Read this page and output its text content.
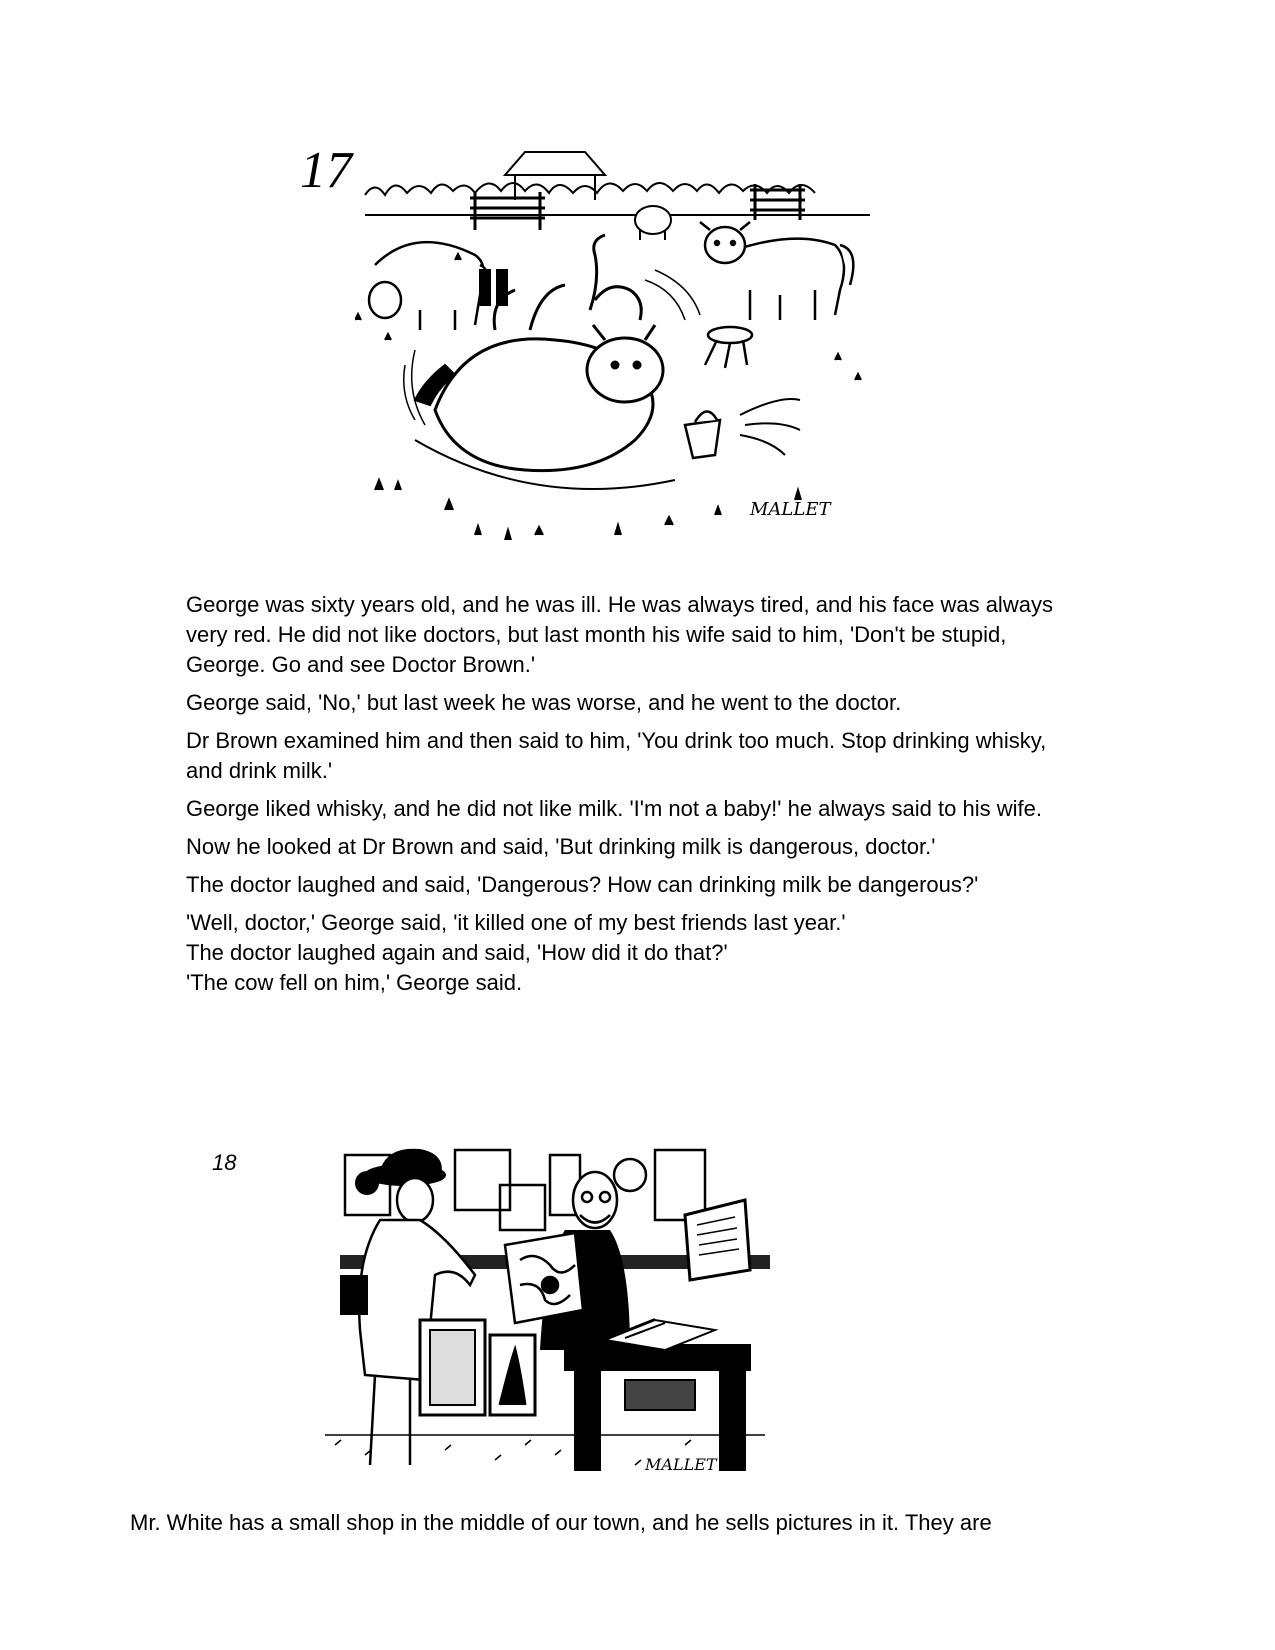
17
MALLET

George was sixty years old, and he was ill. He was always tired, and his face was always very red. He did not like doctors, but last month his wife said to him, 'Don't be stupid, George. Go and see Doctor Brown.'

George said, 'No,' but last week he was worse, and he went to the doctor.

Dr Brown examined him and then said to him, 'You drink too much. Stop drinking whisky, and drink milk.'

George liked whisky, and he did not like milk. 'I'm not a baby!' he always said to his wife.

Now he looked at Dr Brown and said, 'But drinking milk is dangerous, doctor.'

The doctor laughed and said, 'Dangerous? How can drinking milk be dangerous?'

'Well, doctor,' George said, 'it killed one of my best friends last year.'

The doctor laughed again and said, 'How did it do that?'

'The cow fell on him,' George said.

18
MALLET
Mr. White has a small shop in the middle of our town, and he sells pictures in it. They are
